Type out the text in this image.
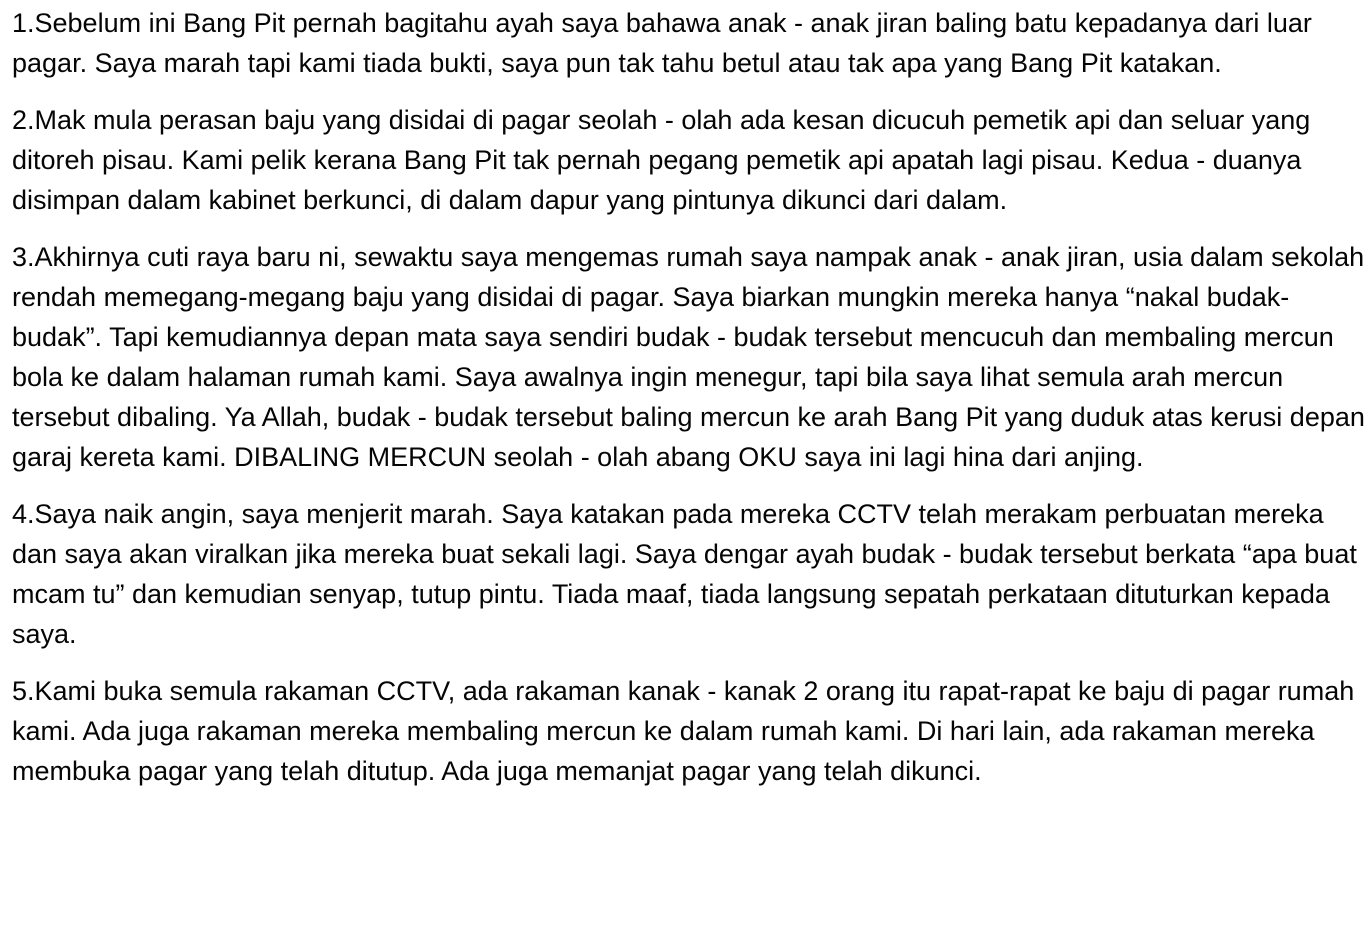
1.Sebelum ini Bang Pit pernah bagitahu ayah saya bahawa anak - anak jiran baling batu kepadanya dari luar pagar. Saya marah tapi kami tiada bukti, saya pun tak tahu betul atau tak apa yang Bang Pit katakan.

2.Mak mula perasan baju yang disidai di pagar seolah - olah ada kesan dicucuh pemetik api dan seluar yang ditoreh pisau. Kami pelik kerana Bang Pit tak pernah pegang pemetik api apatah lagi pisau. Kedua - duanya disimpan dalam kabinet berkunci, di dalam dapur yang pintunya dikunci dari dalam.

3.Akhirnya cuti raya baru ni, sewaktu saya mengemas rumah saya nampak anak - anak jiran, usia dalam sekolah rendah memegang-megang baju yang disidai di pagar. Saya biarkan mungkin mereka hanya “nakal budak-budak”. Tapi kemudiannya depan mata saya sendiri budak - budak tersebut mencucuh dan membaling mercun bola ke dalam halaman rumah kami. Saya awalnya ingin menegur, tapi bila saya lihat semula arah mercun tersebut dibaling. Ya Allah, budak - budak tersebut baling mercun ke arah Bang Pit yang duduk atas kerusi depan garaj kereta kami. DIBALING MERCUN seolah - olah abang OKU saya ini lagi hina dari anjing.

4.Saya naik angin, saya menjerit marah. Saya katakan pada mereka CCTV telah merakam perbuatan mereka dan saya akan viralkan jika mereka buat sekali lagi. Saya dengar ayah budak - budak tersebut berkata “apa buat mcam tu” dan kemudian senyap, tutup pintu. Tiada maaf, tiada langsung sepatah perkataan dituturkan kepada saya.

5.Kami buka semula rakaman CCTV, ada rakaman kanak - kanak 2 orang itu rapat-rapat ke baju di pagar rumah kami. Ada juga rakaman mereka membaling mercun ke dalam rumah kami. Di hari lain, ada rakaman mereka membuka pagar yang telah ditutup. Ada juga memanjat pagar yang telah dikunci.
